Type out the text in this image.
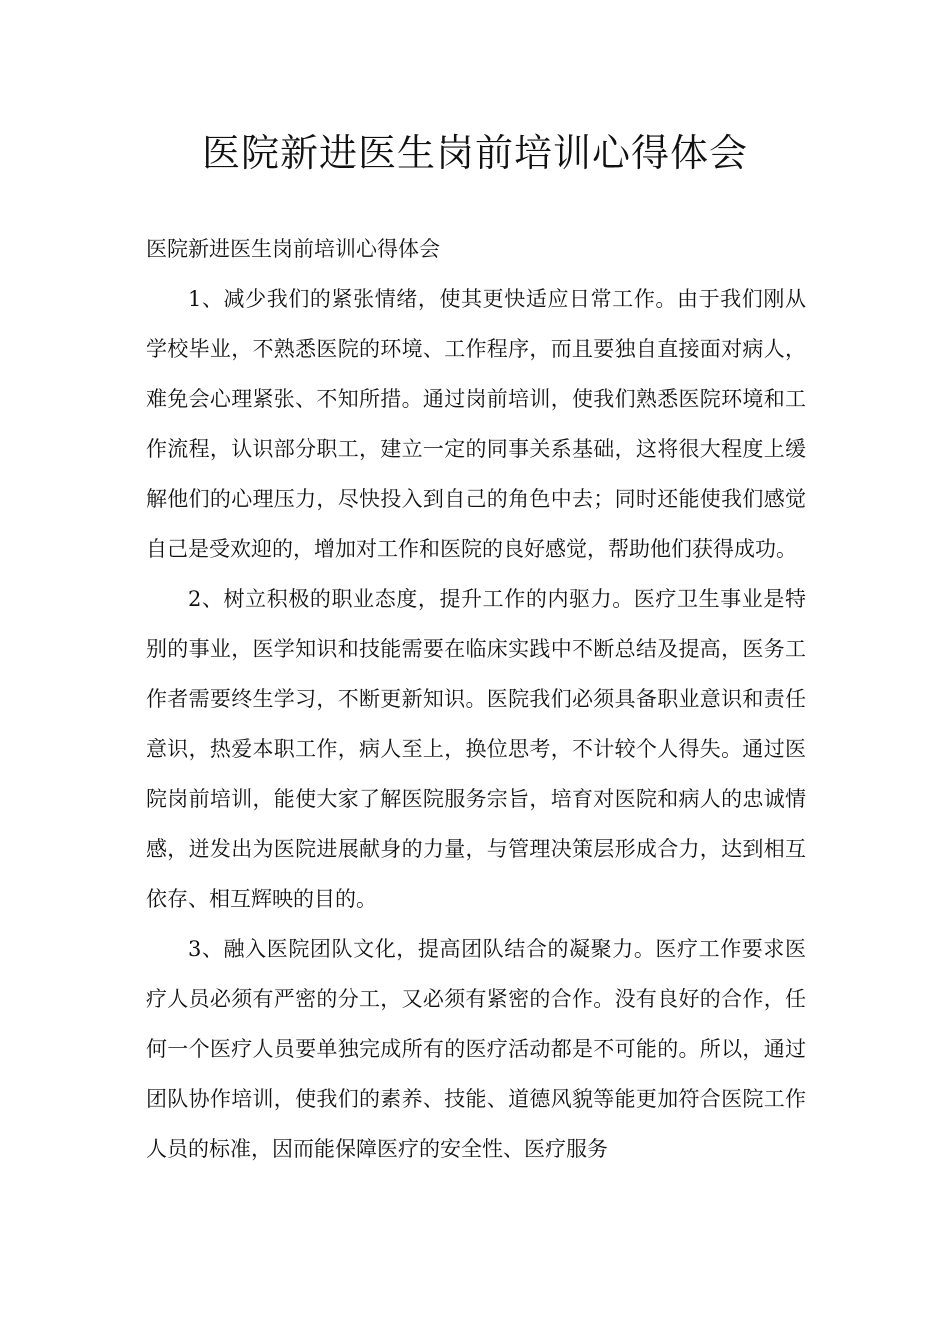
医院新进医生岗前培训心得体会

医院新进医生岗前培训心得体会

1、减少我们的紧张情绪，使其更快适应日常工作。由于我们刚从学校毕业，不熟悉医院的环境、工作程序，而且要独自直接面对病人，难免会心理紧张、不知所措。通过岗前培训，使我们熟悉医院环境和工作流程，认识部分职工，建立一定的同事关系基础，这将很大程度上缓解他们的心理压力，尽快投入到自己的角色中去；同时还能使我们感觉自己是受欢迎的，增加对工作和医院的良好感觉，帮助他们获得成功。

2、树立积极的职业态度，提升工作的内驱力。医疗卫生事业是特别的事业，医学知识和技能需要在临床实践中不断总结及提高，医务工作者需要终生学习，不断更新知识。医院我们必须具备职业意识和责任意识，热爱本职工作，病人至上，换位思考，不计较个人得失。通过医院岗前培训，能使大家了解医院服务宗旨，培育对医院和病人的忠诚情感，迸发出为医院进展献身的力量，与管理决策层形成合力，达到相互依存、相互辉映的目的。

3、融入医院团队文化，提高团队结合的凝聚力。医疗工作要求医疗人员必须有严密的分工，又必须有紧密的合作。没有良好的合作，任何一个医疗人员要单独完成所有的医疗活动都是不可能的。所以，通过团队协作培训，使我们的素养、技能、道德风貌等能更加符合医院工作人员的标准，因而能保障医疗的安全性、医疗服务
